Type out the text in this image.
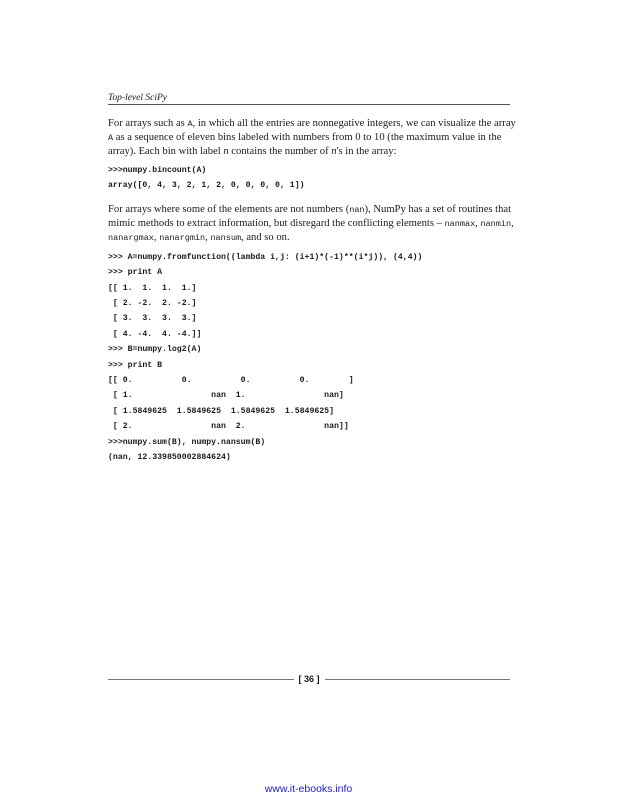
Top-level SciPy

For arrays such as A, in which all the entries are nonnegative integers, we can visualize the array A as a sequence of eleven bins labeled with numbers from 0 to 10 (the maximum value in the array). Each bin with label n contains the number of n's in the array:

>>>numpy.bincount(A)
array([0, 4, 3, 2, 1, 2, 0, 0, 0, 0, 1])

For arrays where some of the elements are not numbers (nan), NumPy has a set of routines that mimic methods to extract information, but disregard the conflicting elements – nanmax, nanmin, nanargmax, nanargmin, nansum, and so on.

>>> A=numpy.fromfunction((lambda i,j: (i+1)*(-1)**(i*j)), (4,4))
>>> print A
[[ 1.  1.  1.  1.]
[ 2. -2.  2. -2.]
[ 3.  3.  3.  3.]
[ 4. -4.  4. -4.]]
>>> B=numpy.log2(A)
>>> print B
[[ 0.          0.          0.          0.        ]
[ 1.                nan  1.                nan]
[ 1.5849625  1.5849625  1.5849625  1.5849625]
[ 2.                nan  2.                nan]]
>>>numpy.sum(B), numpy.nansum(B)
(nan, 12.339850002884624)
[ 36 ]
www.it-ebooks.info
